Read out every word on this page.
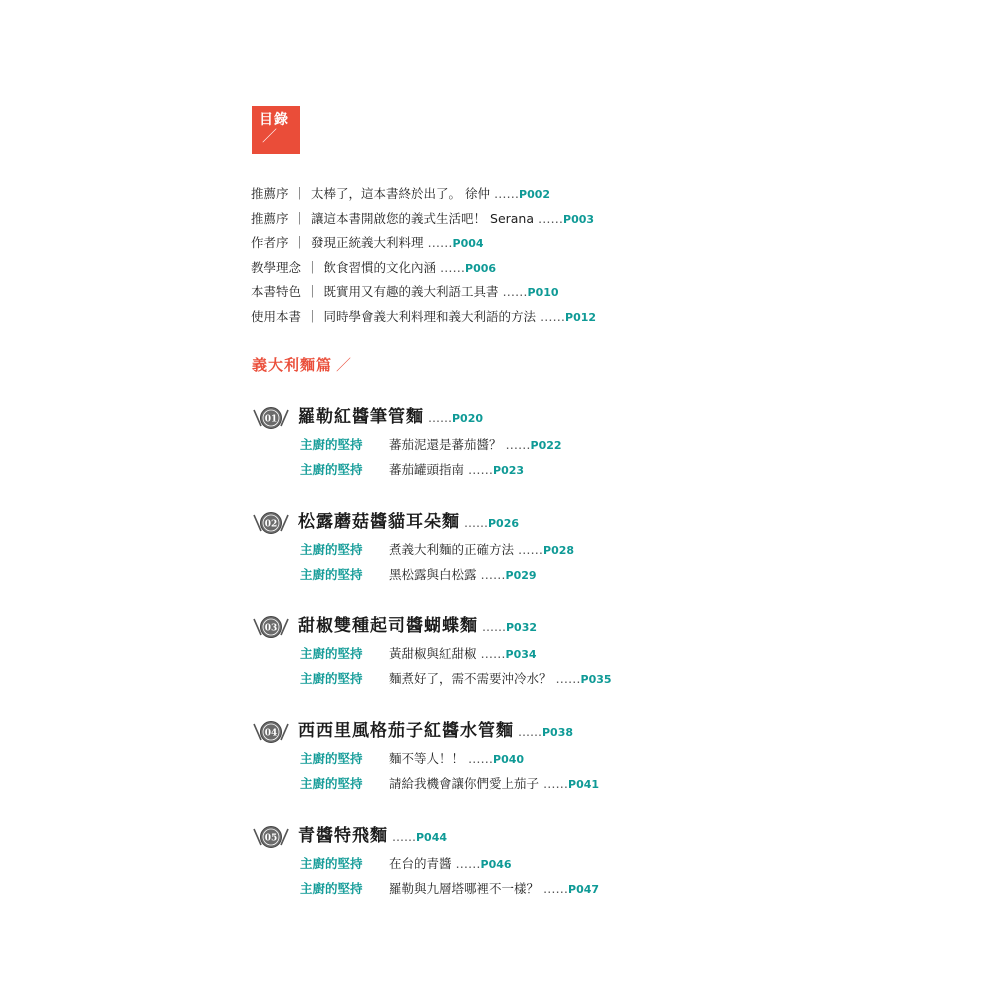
目錄
／
推薦序 ｜ 太棒了，這本書終於出了。 徐仲 ……P002
推薦序 ｜ 讓這本書開啟您的義式生活吧！ Serana ……P003
作者序 ｜ 發現正統義大利料理 ……P004
教學理念 ｜ 飲食習慣的文化內涵 ……P006
本書特色 ｜ 既實用又有趣的義大利語工具書 ……P010
使用本書 ｜ 同時學會義大利料理和義大利語的方法 ……P012
義大利麵篇 ／
01 羅勒紅醬筆管麵 ……P020
主廚的堅持 蕃茄泥還是蕃茄醬？ ……P022
主廚的堅持 蕃茄罐頭指南 ……P023
02 松露蘑菇醬貓耳朵麵 ……P026
主廚的堅持 煮義大利麵的正確方法 ……P028
主廚的堅持 黑松露與白松露 ……P029
03 甜椒雙種起司醬蝴蝶麵 ……P032
主廚的堅持 黃甜椒與紅甜椒 ……P034
主廚的堅持 麵煮好了，需不需要沖冷水？ ……P035
04 西西里風格茄子紅醬水管麵 ……P038
主廚的堅持 麵不等人！！ ……P040
主廚的堅持 請給我機會讓你們愛上茄子 ……P041
05 青醬特飛麵 ……P044
主廚的堅持 在台的青醬 ……P046
主廚的堅持 羅勒與九層塔哪裡不一樣？ ……P047
